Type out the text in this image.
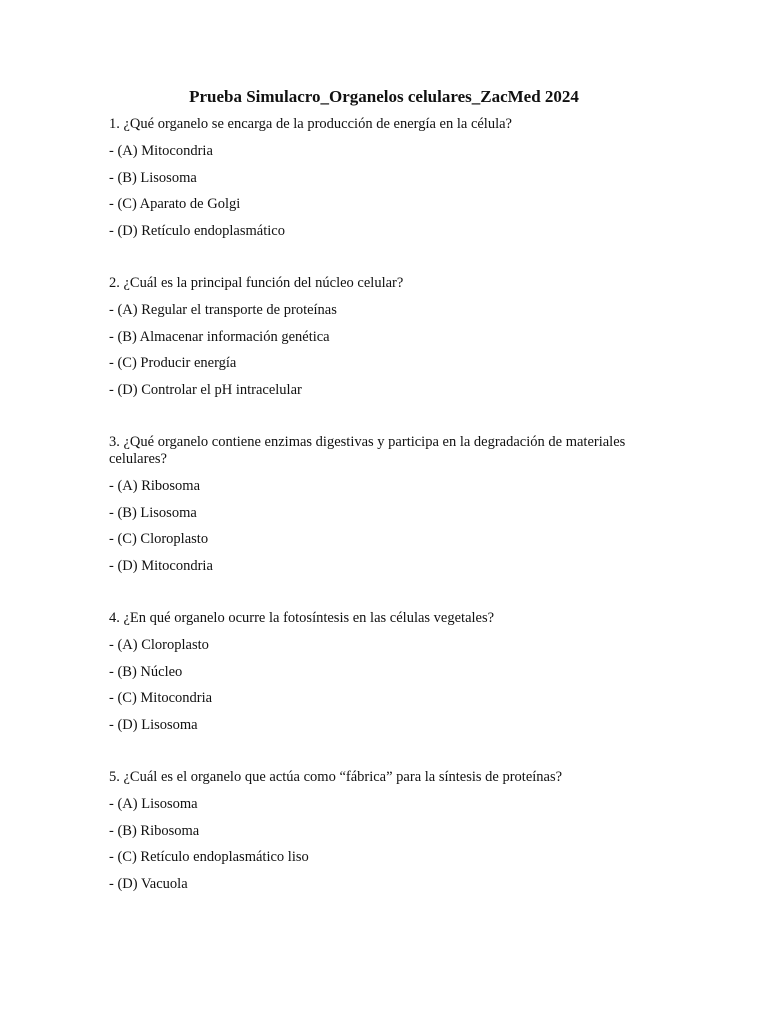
Prueba Simulacro_Organelos celulares_ZacMed 2024

1. ¿Qué organelo se encarga de la producción de energía en la célula?

- (A) Mitocondria

- (B) Lisosoma

- (C) Aparato de Golgi

- (D) Retículo endoplasmático

2. ¿Cuál es la principal función del núcleo celular?

- (A) Regular el transporte de proteínas

- (B) Almacenar información genética

- (C) Producir energía

- (D) Controlar el pH intracelular

3. ¿Qué organelo contiene enzimas digestivas y participa en la degradación de materiales celulares?

- (A) Ribosoma

- (B) Lisosoma

- (C) Cloroplasto

- (D) Mitocondria

4. ¿En qué organelo ocurre la fotosíntesis en las células vegetales?

- (A) Cloroplasto

- (B) Núcleo

- (C) Mitocondria

- (D) Lisosoma

5. ¿Cuál es el organelo que actúa como “fábrica” para la síntesis de proteínas?

- (A) Lisosoma

- (B) Ribosoma

- (C) Retículo endoplasmático liso

- (D) Vacuola
